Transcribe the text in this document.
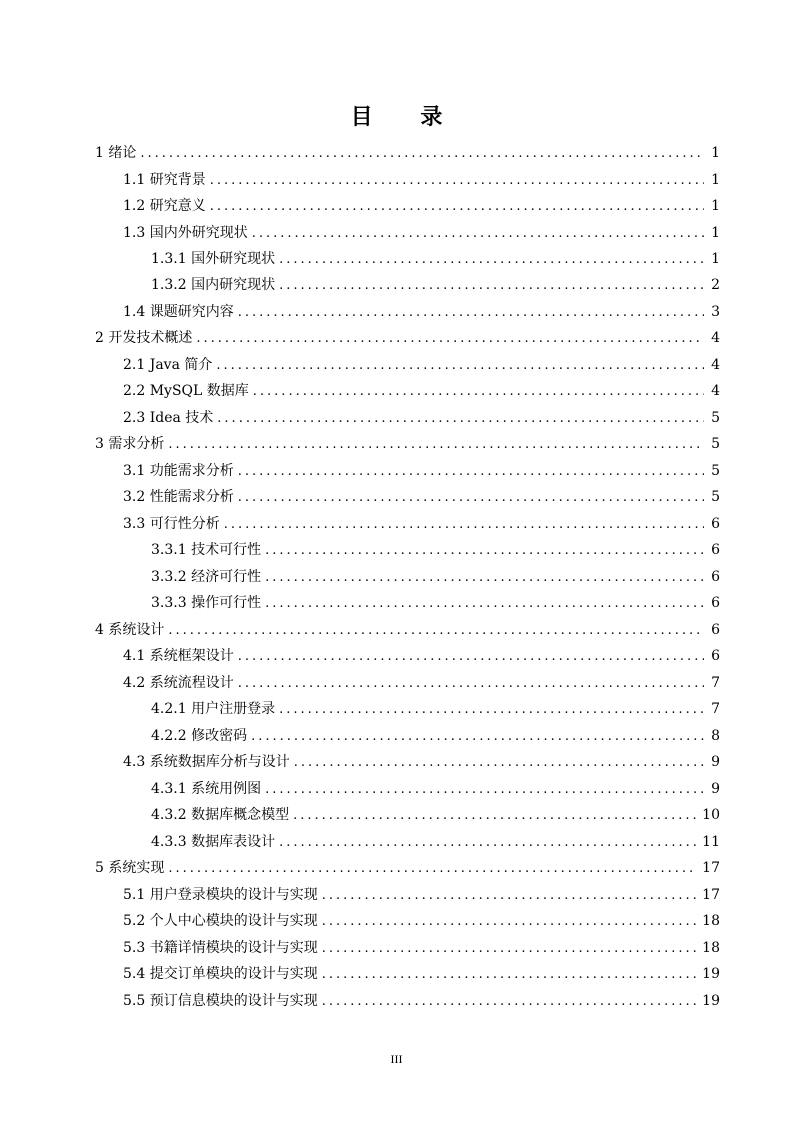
目 录
1 绪论 .....	1
1.1 研究背景 .....	1
1.2 研究意义 .....	1
1.3 国内外研究现状 .....	1
1.3.1 国外研究现状 .....	1
1.3.2 国内研究现状 .....	2
1.4 课题研究内容 .....	3
2 开发技术概述 .....	4
2.1 Java 简介 .....	4
2.2 MySQL 数据库 .....	4
2.3 Idea 技术 .....	5
3 需求分析 .....	5
3.1 功能需求分析 .....	5
3.2 性能需求分析 .....	5
3.3 可行性分析 .....	6
3.3.1 技术可行性 .....	6
3.3.2 经济可行性 .....	6
3.3.3 操作可行性 .....	6
4 系统设计 .....	6
4.1 系统框架设计 .....	6
4.2 系统流程设计 .....	7
4.2.1 用户注册登录 .....	7
4.2.2 修改密码 .....	8
4.3 系统数据库分析与设计 .....	9
4.3.1 系统用例图 .....	9
4.3.2 数据库概念模型 .....	10
4.3.3 数据库表设计 .....	11
5 系统实现 .....	17
5.1 用户登录模块的设计与实现 .....	17
5.2 个人中心模块的设计与实现 .....	18
5.3 书籍详情模块的设计与实现 .....	18
5.4 提交订单模块的设计与实现 .....	19
5.5 预订信息模块的设计与实现 .....	19
III
